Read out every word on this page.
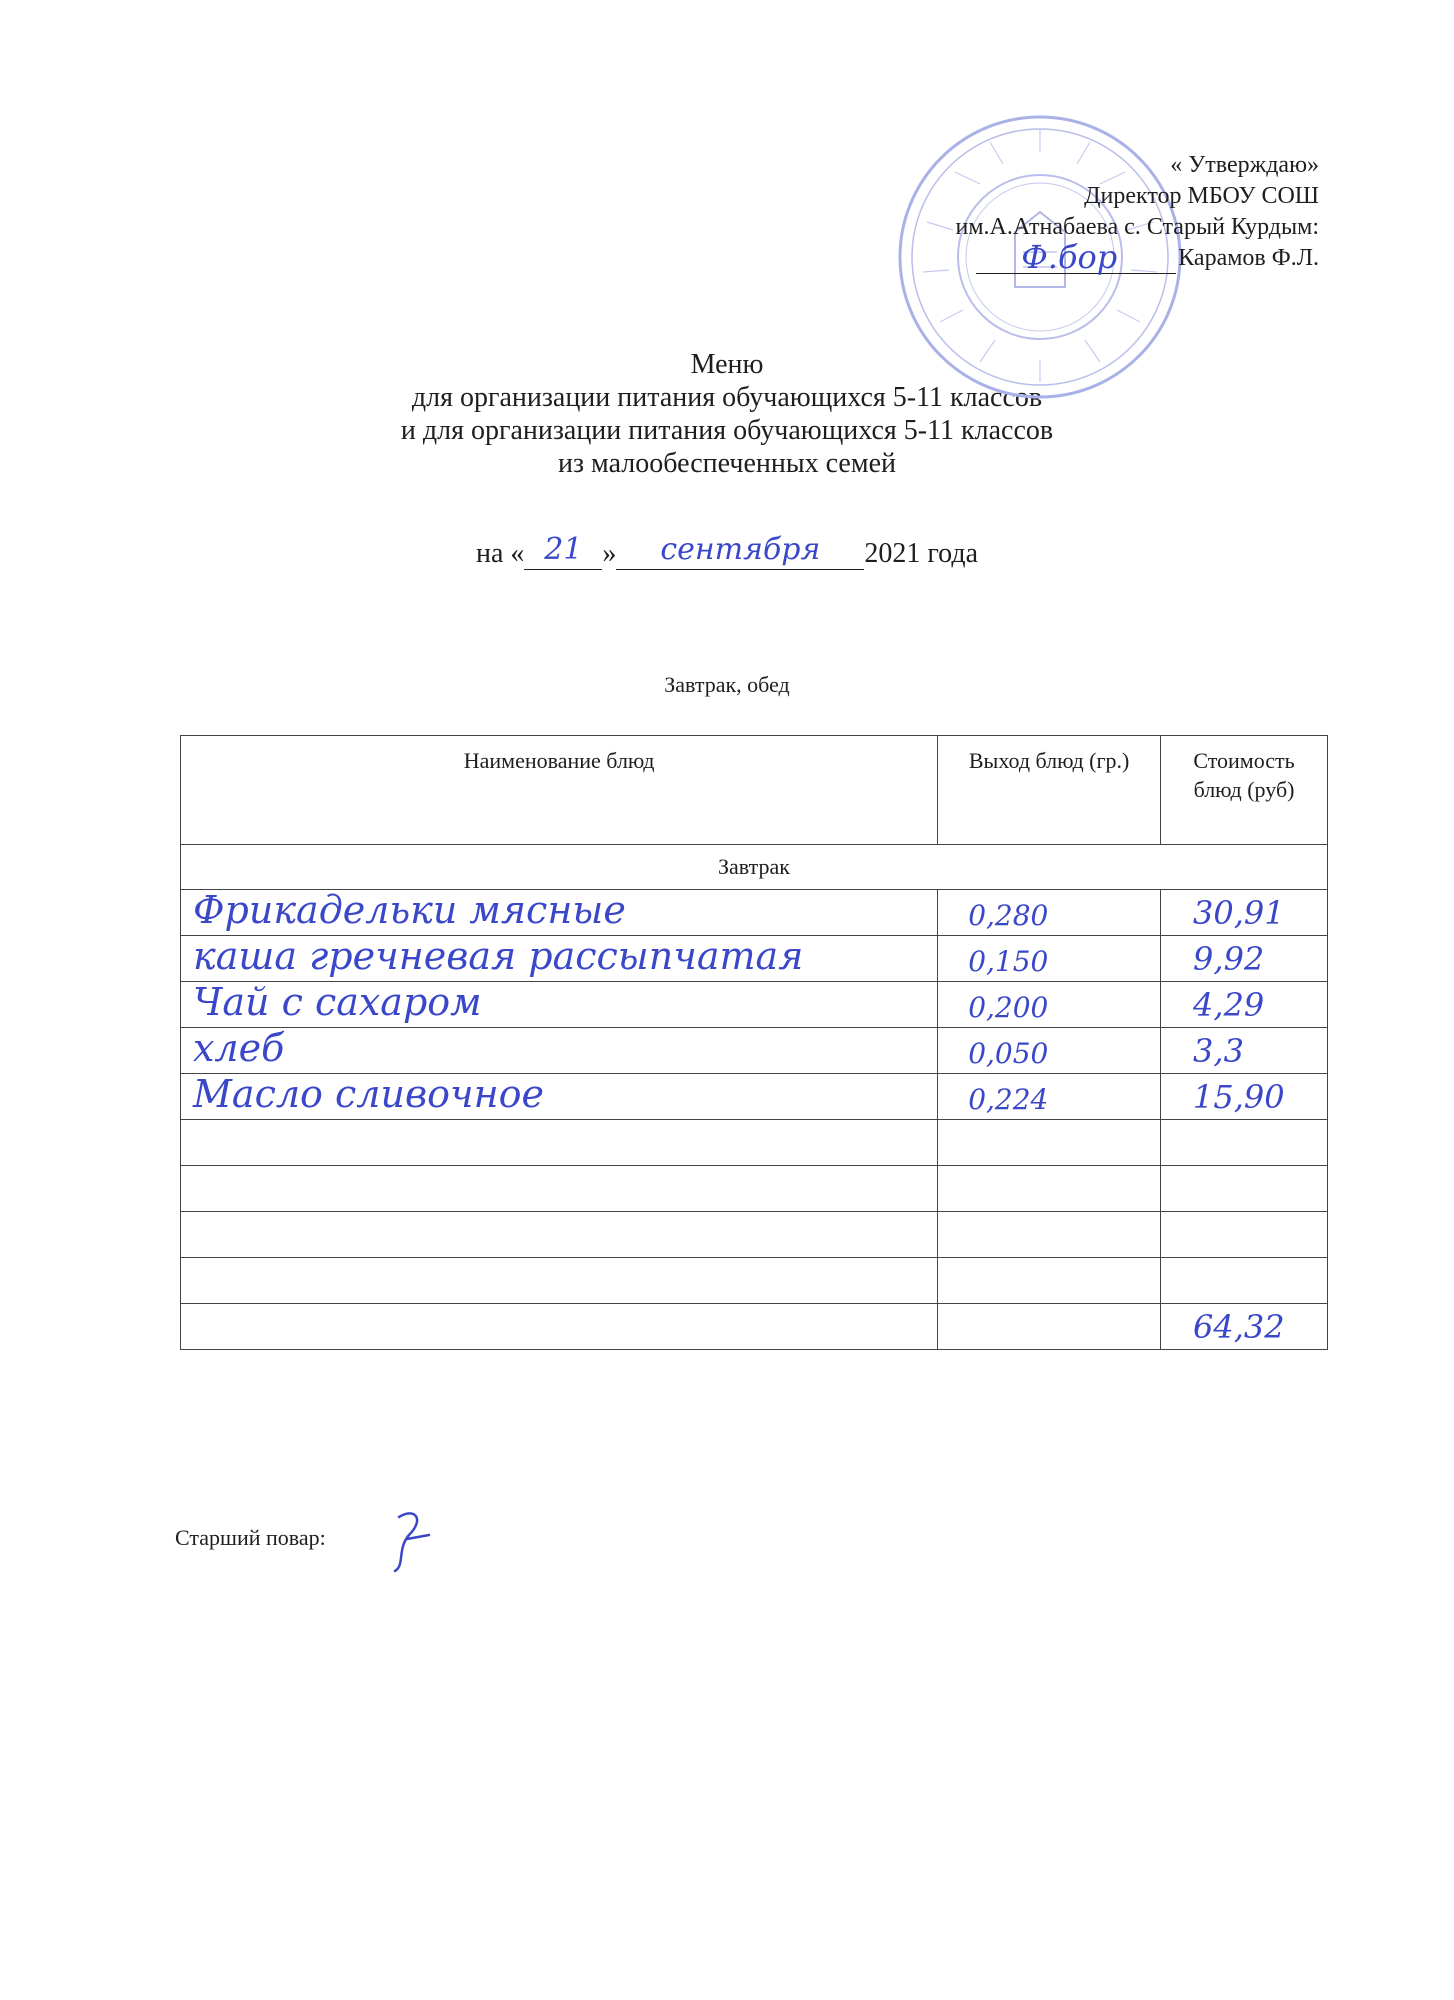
« Утверждаю»
Директор МБОУ СОШ
им.А.Атнабаева с. Старый Курдым:
Ф.бор	Карамов Ф.Л.
Меню
для организации питания обучающихся 5-11 классов
и для организации питания обучающихся 5-11 классов
из малообеспеченных семей
на « 21 »	сентября	2021 года
Завтрак, обед
Наименование блюд	Выход блюд (гр.)	Стоимость блюд (руб)
Завтрак		

Фрикадельки мясные	0,280	30,91

каша гречневая рассыпчатая	0,150	9,92

Чай с сахаром	0,200	4,29

хлеб	0,050	3,3

Масло сливочное	0,224	15,90

		64,32
Старший повар:
